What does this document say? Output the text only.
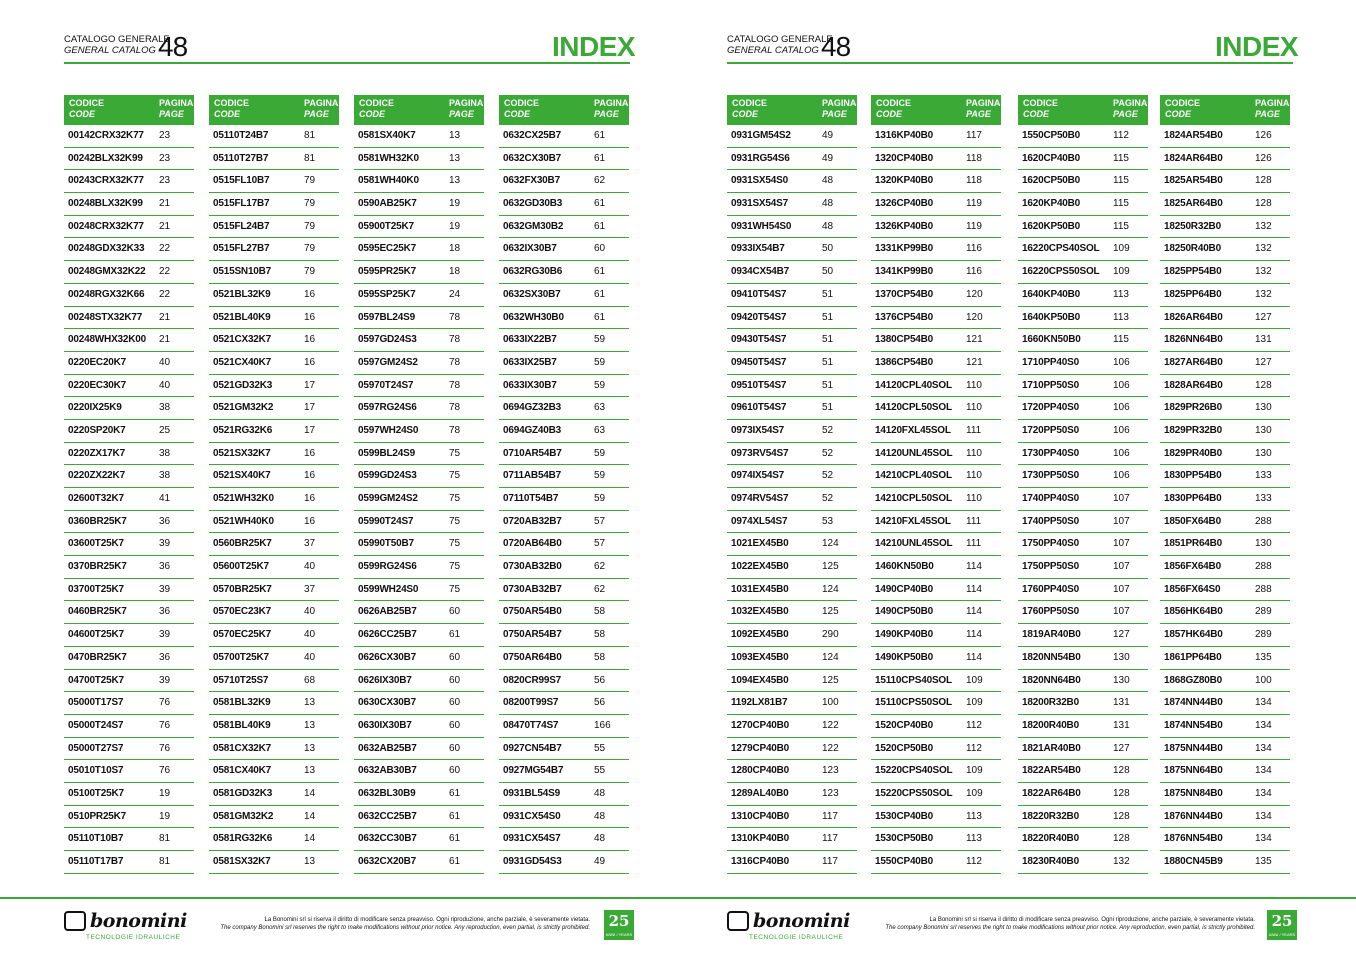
CATALOGO GENERALE
GENERAL CATALOG 48	INDEX
CODICE
CODE
PAGINA
PAGE
00142CRX32K77 23
00242BLX32K99 23
00243CRX32K77 23
00248BLX32K99 21
00248CRX32K77 21
00248GDX32K33 22
00248GMX32K22 22
00248RGX32K66 22
00248STX32K77 21
00248WHX32K00 21
0220EC20K7	40
0220EC30K7	40
0220IX25K9	38
0220SP20K7	25
0220ZX17K7	38
0220ZX22K7	38
02600T32K7	41
0360BR25K7	36
03600T25K7	39
0370BR25K7	36
03700T25K7	39
0460BR25K7	36
04600T25K7	39
0470BR25K7	36
04700T25K7	39
05000T17S7	76
05000T24S7	76
05000T27S7	76
05010T10S7	76
05100T25K7	19
0510PR25K7	19
05110T10B7	81
05110T17B7	81
CODICE
CODE
PAGINA
PAGE
05110T24B7	81
05110T27B7	81
0515FL10B7	79
0515FL17B7	79
0515FL24B7	79
0515FL27B7	79
0515SN10B7	79
0521BL32K9	16
0521BL40K9	16
0521CX32K7	16
0521CX40K7	16
0521GD32K3	17
0521GM32K2	17
0521RG32K6	17
0521SX32K7	16
0521SX40K7	16
0521WH32K0	16
0521WH40K0	16
0560BR25K7	37
05600T25K7	40
0570BR25K7	37
0570EC23K7	40
0570EC25K7	40
05700T25K7	40
05710T25S7	68
0581BL32K9	13
0581BL40K9	13
0581CX32K7	13
0581CX40K7	13
0581GD32K3	14
0581GM32K2	14
0581RG32K6	14
0581SX32K7	13
CODICE
CODE
PAGINA
PAGE
0581SX40K7	13
0581WH32K0	13
0581WH40K0	13
0590AB25K7	19
05900T25K7	19
0595EC25K7	18
0595PR25K7	18
0595SP25K7	24
0597BL24S9	78
0597GD24S3	78
0597GM24S2	78
05970T24S7	78
0597RG24S6	78
0597WH24S0	78
0599BL24S9	75
0599GD24S3	75
0599GM24S2	75
05990T24S7	75
05990T50B7	75
0599RG24S6	75
0599WH24S0	75
0626AB25B7	60
0626CC25B7	61
0626CX30B7	60
0626IX30B7	60
0630CX30B7	60
0630IX30B7	60
0632AB25B7	60
0632AB30B7	60
0632BL30B9	61
0632CC25B7	61
0632CC30B7	61
0632CX20B7	61
CODICE
CODE
PAGINA
PAGE
0632CX25B7	61
0632CX30B7	61
0632FX30B7	62
0632GD30B3	61
0632GM30B2	61
0632IX30B7	60
0632RG30B6	61
0632SX30B7	61
0632WH30B0	61
0633IX22B7	59
0633IX25B7	59
0633IX30B7	59
0694GZ32B3	63
0694GZ40B3	63
0710AR54B7	59
0711AB54B7	59
07110T54B7	59
0720AB32B7	57
0720AB64B0	57
0730AB32B0	62
0730AB32B7	62
0750AR54B0	58
0750AR54B7	58
0750AR64B0	58
0820CR99S7	56
08200T99S7	56
08470T74S7	166
0927CN54B7	55
0927MG54B7	55
0931BL54S9	48
0931CX54S0	48
0931CX54S7	48
0931GD54S3	49
bonomini
TECNOLOGIE IDRAULICHE
La Bonomini srl si riserva il diritto di modificare senza preavviso. Ogni riproduzione, anche parziale, è severamente vietata.
The company Bonomini srl reserves the right to make modifications without prior notice. Any reproduction, even partial, is strictly prohibited.	25
ANNI / YEARS
CATALOGO GENERALE
GENERAL CATALOG 48	INDEX
CODICE
CODE
PAGINA
PAGE
0931GM54S2	49
0931RG54S6	49
0931SX54S0	48
0931SX54S7	48
0931WH54S0	48
0933IX54B7	50
0934CX54B7	50
09410T54S7	51
09420T54S7	51
09430T54S7	51
09450T54S7	51
09510T54S7	51
09610T54S7	51
0973IX54S7	52
0973RV54S7	52
0974IX54S7	52
0974RV54S7	52
0974XL54S7	53
1021EX45B0	124
1022EX45B0	125
1031EX45B0	124
1032EX45B0	125
1092EX45B0	290
1093EX45B0	124
1094EX45B0	125
1192LX81B7	100
1270CP40B0	122
1279CP40B0	122
1280CP40B0	123
1289AL40B0	123
1310CP40B0	117
1310KP40B0	117
1316CP40B0	117
CODICE
CODE
PAGINA
PAGE
1316KP40B0	117
1320CP40B0	118
1320KP40B0	118
1326CP40B0	119
1326KP40B0	119
1331KP99B0	116
1341KP99B0	116
1370CP54B0	120
1376CP54B0	120
1380CP54B0	121
1386CP54B0	121
14120CPL40SOL 110
14120CPL50SOL 110
14120FXL45SOL 111
14120UNL45SOL 110
14210CPL40SOL 110
14210CPL50SOL 110
14210FXL45SOL 111
14210UNL45SOL 111
1460KN50B0	114
1490CP40B0	114
1490CP50B0	114
1490KP40B0	114
1490KP50B0	114
15110CPS40SOL 109
15110CPS50SOL 109
1520CP40B0	112
1520CP50B0	112
15220CPS40SOL 109
15220CPS50SOL 109
1530CP40B0	113
1530CP50B0	113
1550CP40B0	112
CODICE
CODE
PAGINA
PAGE
1550CP50B0	112
1620CP40B0	115
1620CP50B0	115
1620KP40B0	115
1620KP50B0	115
16220CPS40SOL 109
16220CPS50SOL 109
1640KP40B0	113
1640KP50B0	113
1660KN50B0	115
1710PP40S0	106
1710PP50S0	106
1720PP40S0	106
1720PP50S0	106
1730PP40S0	106
1730PP50S0	106
1740PP40S0	107
1740PP50S0	107
1750PP40S0	107
1750PP50S0	107
1760PP40S0	107
1760PP50S0	107
1819AR40B0	127
1820NN54B0	130
1820NN64B0	130
18200R32B0	131
18200R40B0	131
1821AR40B0	127
1822AR54B0	128
1822AR64B0	128
18220R32B0	128
18220R40B0	128
18230R40B0	132
CODICE
CODE
PAGINA
PAGE
1824AR54B0	126
1824AR64B0	126
1825AR54B0	128
1825AR64B0	128
18250R32B0	132
18250R40B0	132
1825PP54B0	132
1825PP64B0	132
1826AR64B0	127
1826NN64B0	131
1827AR64B0	127
1828AR64B0	128
1829PR26B0	130
1829PR32B0	130
1829PR40B0	130
1830PP54B0	133
1830PP64B0	133
1850FX64B0	288
1851PR64B0	130
1856FX64B0	288
1856FX64S0	288
1856HK64B0	289
1857HK64B0	289
1861PP64B0	135
1868GZ80B0	100
1874NN44B0	134
1874NN54B0	134
1875NN44B0	134
1875NN64B0	134
1875NN84B0	134
1876NN44B0	134
1876NN54B0	134
1880CN45B9	135
bonomini
TECNOLOGIE IDRAULICHE
La Bonomini srl si riserva il diritto di modificare senza preavviso. Ogni riproduzione, anche parziale, è severamente vietata.
The company Bonomini srl reserves the right to make modifications without prior notice. Any reproduction, even partial, is strictly prohibited.	25
ANNI / YEARS
